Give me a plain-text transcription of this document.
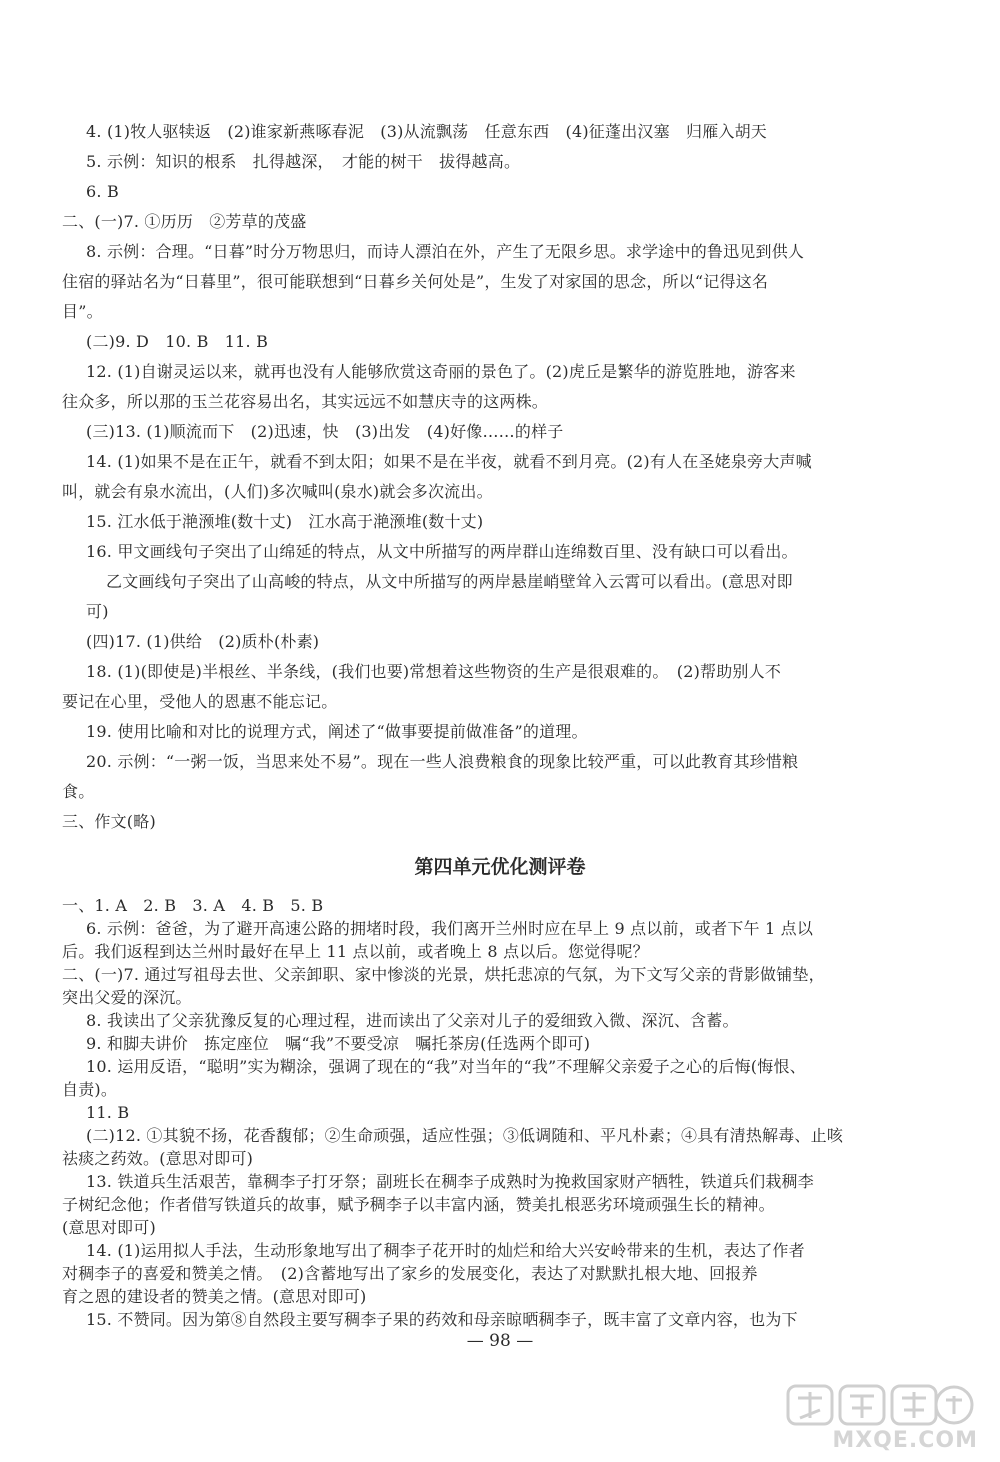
4. (1)牧人驱犊返　(2)谁家新燕啄春泥　(3)从流飘荡　任意东西　(4)征蓬出汉塞　归雁入胡天
5. 示例：知识的根系　扎得越深，　才能的树干　拔得越高。
6. B
二、(一)7. ①历历　②芳草的茂盛
8. 示例：合理。“日暮”时分万物思归，而诗人漂泊在外，产生了无限乡思。求学途中的鲁迅见到供人
住宿的驿站名为“日暮里”，很可能联想到“日暮乡关何处是”，生发了对家国的思念，所以“记得这名
目”。
(二)9. D　10. B　11. B
12. (1)自谢灵运以来，就再也没有人能够欣赏这奇丽的景色了。(2)虎丘是繁华的游览胜地，游客来
往众多，所以那的玉兰花容易出名，其实远远不如慧庆寺的这两株。
(三)13. (1)顺流而下　(2)迅速，快　(3)出发　(4)好像……的样子
14. (1)如果不是在正午，就看不到太阳；如果不是在半夜，就看不到月亮。(2)有人在圣姥泉旁大声喊
叫，就会有泉水流出，(人们)多次喊叫(泉水)就会多次流出。
15. 江水低于滟滪堆(数十丈)　江水高于滟滪堆(数十丈)
16. 甲文画线句子突出了山绵延的特点，从文中所描写的两岸群山连绵数百里、没有缺口可以看出。
乙文画线句子突出了山高峻的特点，从文中所描写的两岸悬崖峭壁耸入云霄可以看出。(意思对即
可)
(四)17. (1)供给　(2)质朴(朴素)
18. (1)(即使是)半根丝、半条线，(我们也要)常想着这些物资的生产是很艰难的。　(2)帮助别人不
要记在心里，受他人的恩惠不能忘记。
19. 使用比喻和对比的说理方式，阐述了“做事要提前做准备”的道理。
20. 示例：“一粥一饭，当思来处不易”。现在一些人浪费粮食的现象比较严重，可以此教育其珍惜粮
食。
三、作文(略)
第四单元优化测评卷
一、1. A　2. B　3. A　4. B　5. B
6. 示例：爸爸，为了避开高速公路的拥堵时段，我们离开兰州时应在早上 9 点以前，或者下午 1 点以
后。我们返程到达兰州时最好在早上 11 点以前，或者晚上 8 点以后。您觉得呢？
二、(一)7. 通过写祖母去世、父亲卸职、家中惨淡的光景，烘托悲凉的气氛，为下文写父亲的背影做铺垫，
突出父爱的深沉。
8. 我读出了父亲犹豫反复的心理过程，进而读出了父亲对儿子的爱细致入微、深沉、含蓄。
9. 和脚夫讲价　拣定座位　嘱“我”不要受凉　嘱托茶房(任选两个即可)
10. 运用反语，“聪明”实为糊涂，强调了现在的“我”对当年的“我”不理解父亲爱子之心的后悔(悔恨、
自责)。
11. B
(二)12. ①其貌不扬，花香馥郁；②生命顽强，适应性强；③低调随和、平凡朴素；④具有清热解毒、止咳
祛痰之药效。(意思对即可)
13. 铁道兵生活艰苦，靠稠李子打牙祭；副班长在稠李子成熟时为挽救国家财产牺牲，铁道兵们栽稠李
子树纪念他；作者借写铁道兵的故事，赋予稠李子以丰富内涵，赞美扎根恶劣环境顽强生长的精神。
(意思对即可)
14. (1)运用拟人手法，生动形象地写出了稠李子花开时的灿烂和给大兴安岭带来的生机，表达了作者
对稠李子的喜爱和赞美之情。　(2)含蓄地写出了家乡的发展变化，表达了对默默扎根大地、回报养
育之恩的建设者的赞美之情。(意思对即可)
15. 不赞同。因为第⑧自然段主要写稠李子果的药效和母亲晾晒稠李子，既丰富了文章内容，也为下
— 98 —
MXQE.COM
